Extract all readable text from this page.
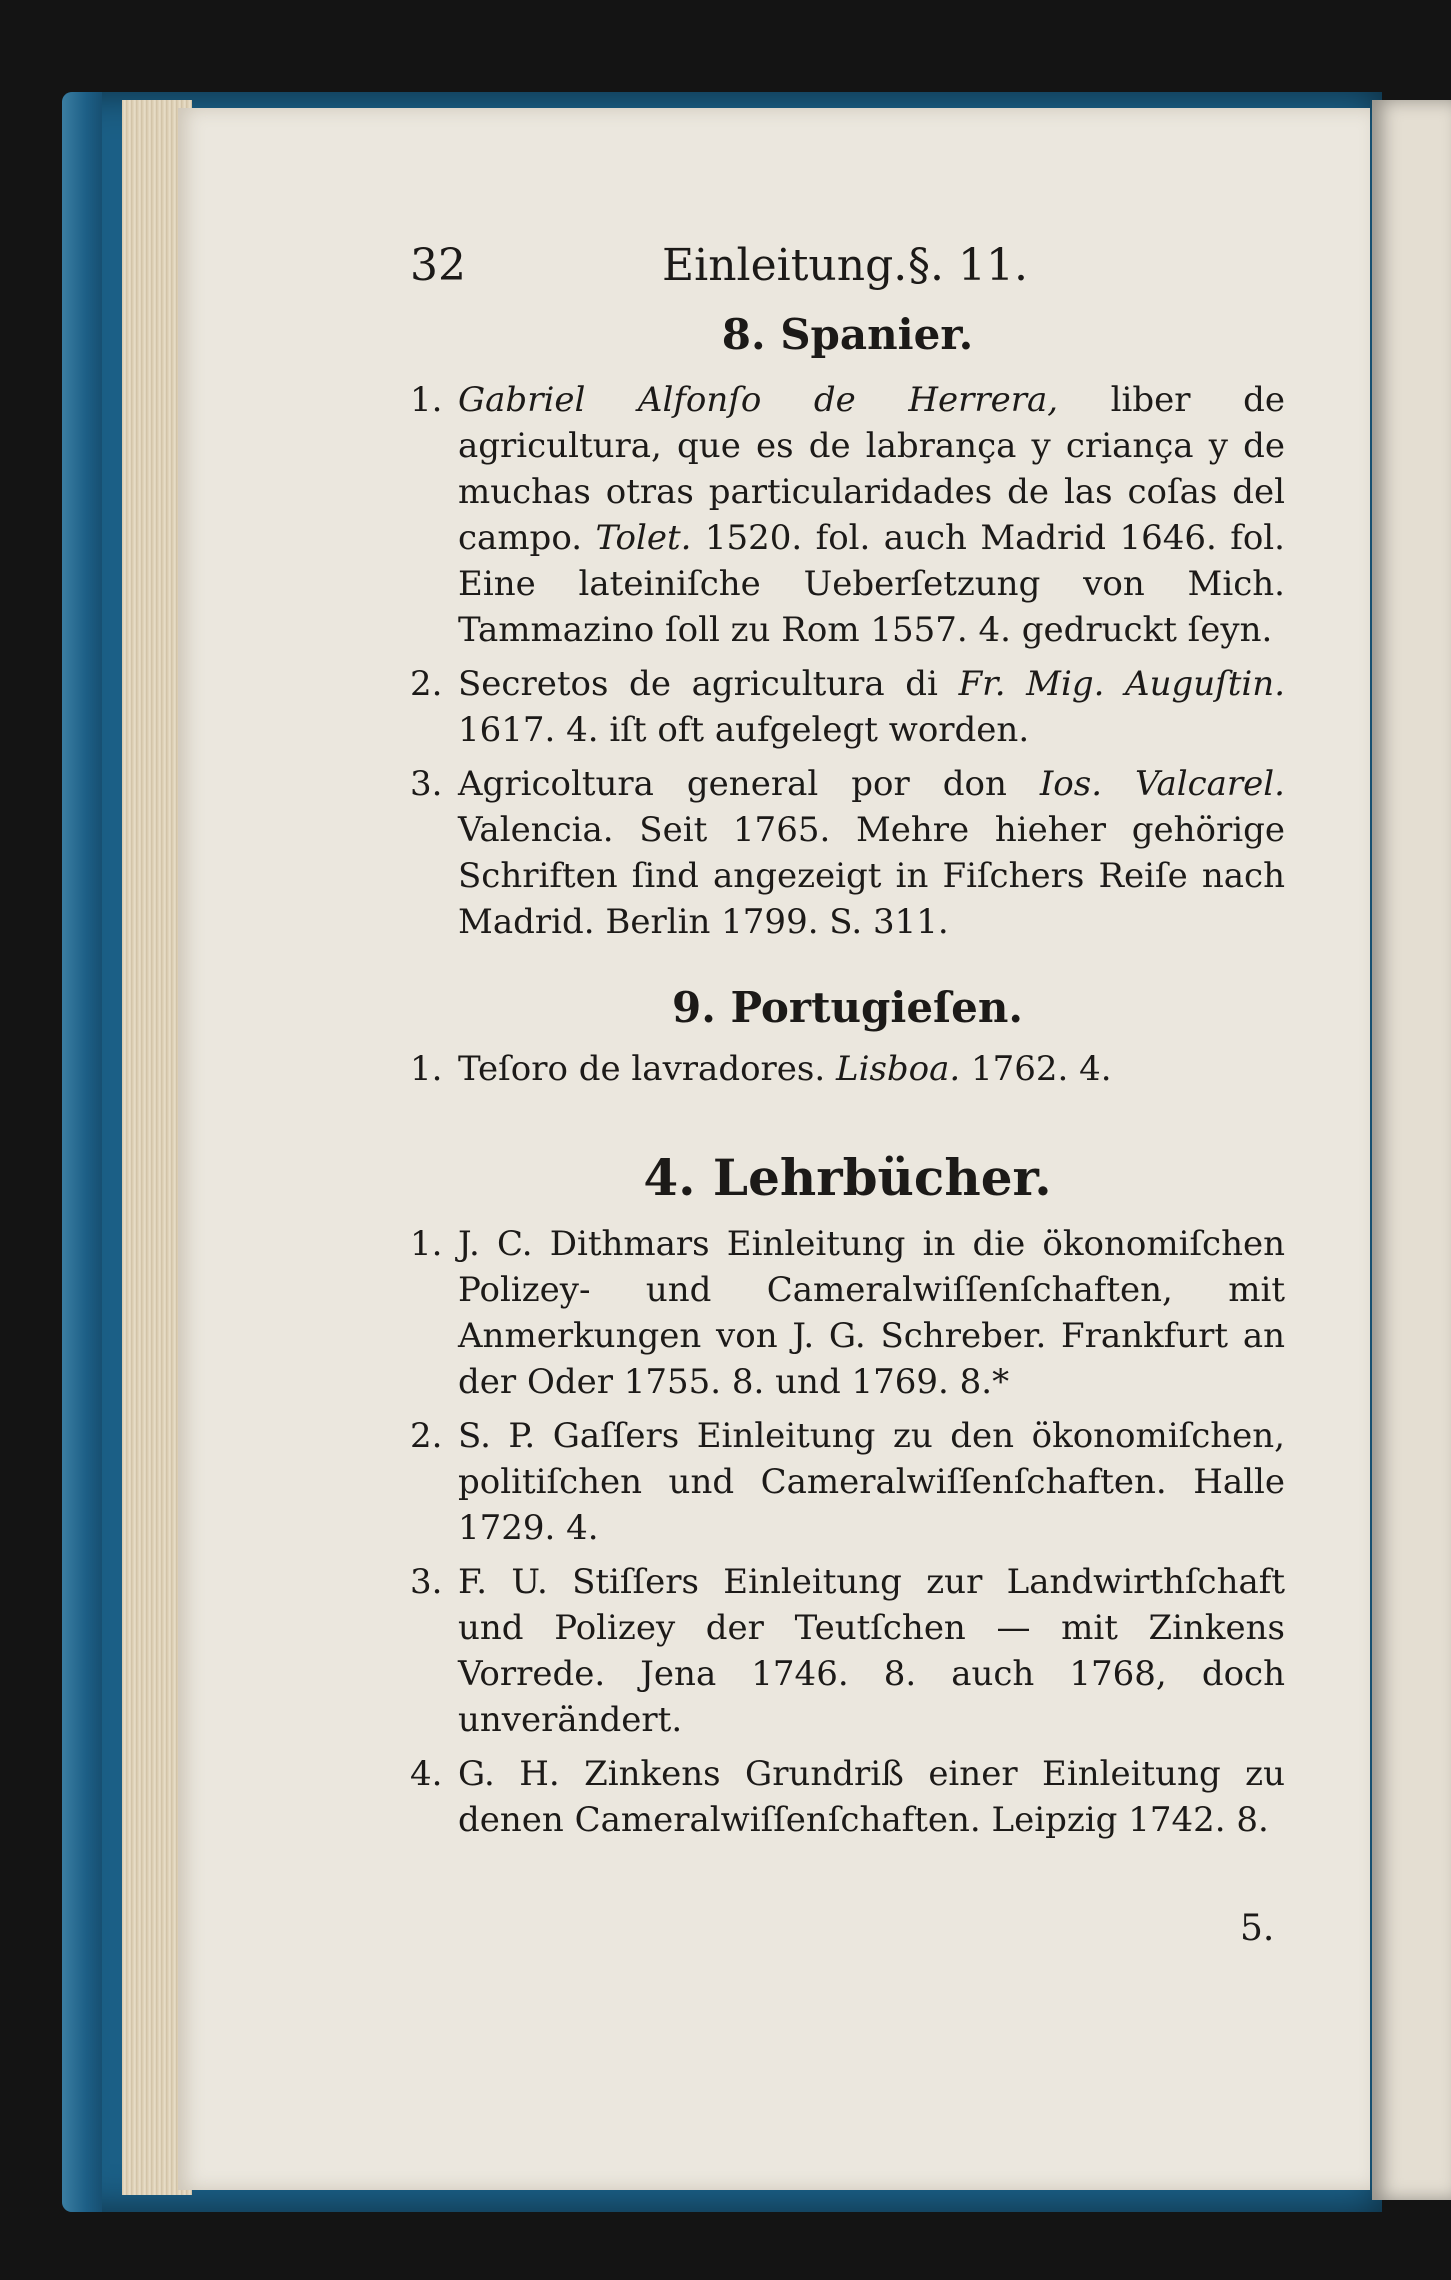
32	Einleitung. §. 11.
8. Spanier.
1. Gabriel Alfonſo de Herrera, liber de agricultura, que es de labrança y criança y de muchas otras particularidades de las coſas del campo. Tolet. 1520. fol. auch Madrid 1646. fol. Eine lateiniſche Ueberſetzung von Mich. Tammazino ſoll zu Rom 1557. 4. gedruckt ſeyn.
2. Secretos de agricultura di Fr. Mig. Auguſtin. 1617. 4. iſt oft aufgelegt worden.
3. Agricoltura general por don Ios. Valcarel. Valencia. Seit 1765. Mehre hieher gehörige Schriften ſind angezeigt in Fiſchers Reiſe nach Madrid. Berlin 1799. S. 311.
9. Portugieſen.
1. Teſoro de lavradores. Lisboa. 1762. 4.
4. Lehrbücher.
1. J. C. Dithmars Einleitung in die ökonomiſchen Polizey- und Cameralwiſſenſchaften, mit Anmerkungen von J. G. Schreber. Frankfurt an der Oder 1755. 8. und 1769. 8.*
2. S. P. Gaſſers Einleitung zu den ökonomiſchen, politiſchen und Cameralwiſſenſchaften. Halle 1729. 4.
3. F. U. Stiſſers Einleitung zur Landwirthſchaft und Polizey der Teutſchen — mit Zinkens Vorrede. Jena 1746. 8. auch 1768, doch unverändert.
4. G. H. Zinkens Grundriß einer Einleitung zu denen Cameralwiſſenſchaften. Leipzig 1742. 8.
5.
